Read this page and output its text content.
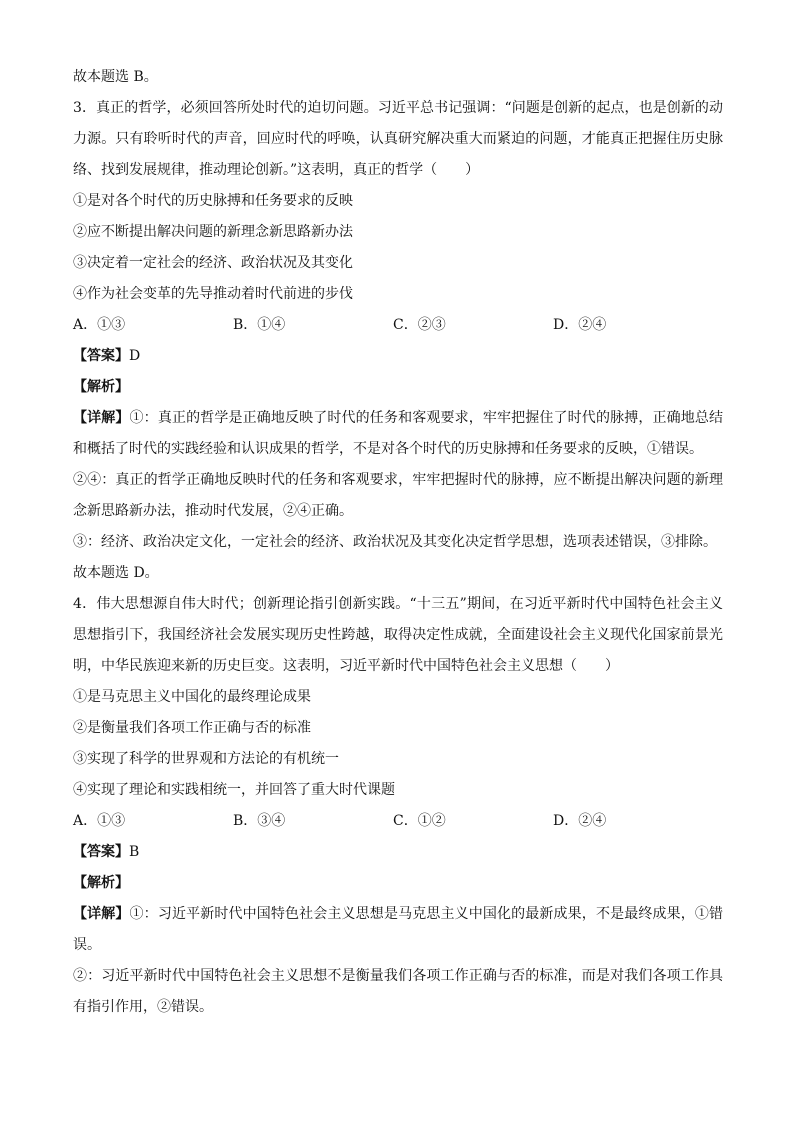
故本题选 B。
3．真正的哲学，必须回答所处时代的迫切问题。习近平总书记强调：“问题是创新的起点，也是创新的动力源。只有聆听时代的声音，回应时代的呼唤，认真研究解决重大而紧迫的问题，才能真正把握住历史脉络、找到发展规律，推动理论创新。”这表明，真正的哲学（　　）
①是对各个时代的历史脉搏和任务要求的反映
②应不断提出解决问题的新理念新思路新办法
③决定着一定社会的经济、政治状况及其变化
④作为社会变革的先导推动着时代前进的步伐
A．①③	B．①④	C．②③	D．②④
【答案】D
【解析】
【详解】①：真正的哲学是正确地反映了时代的任务和客观要求，牢牢把握住了时代的脉搏，正确地总结和概括了时代的实践经验和认识成果的哲学，不是对各个时代的历史脉搏和任务要求的反映，①错误。
②④：真正的哲学正确地反映时代的任务和客观要求，牢牢把握时代的脉搏，应不断提出解决问题的新理念新思路新办法，推动时代发展，②④正确。
③：经济、政治决定文化，一定社会的经济、政治状况及其变化决定哲学思想，选项表述错误，③排除。
故本题选 D。
4．伟大思想源自伟大时代；创新理论指引创新实践。“十三五”期间，在习近平新时代中国特色社会主义思想指引下，我国经济社会发展实现历史性跨越，取得决定性成就，全面建设社会主义现代化国家前景光明，中华民族迎来新的历史巨变。这表明，习近平新时代中国特色社会主义思想（　　）
①是马克思主义中国化的最终理论成果
②是衡量我们各项工作正确与否的标准
③实现了科学的世界观和方法论的有机统一
④实现了理论和实践相统一，并回答了重大时代课题
A．①③	B．③④	C．①②	D．②④
【答案】B
【解析】
【详解】①：习近平新时代中国特色社会主义思想是马克思主义中国化的最新成果，不是最终成果，①错误。
②：习近平新时代中国特色社会主义思想不是衡量我们各项工作正确与否的标准，而是对我们各项工作具有指引作用，②错误。
